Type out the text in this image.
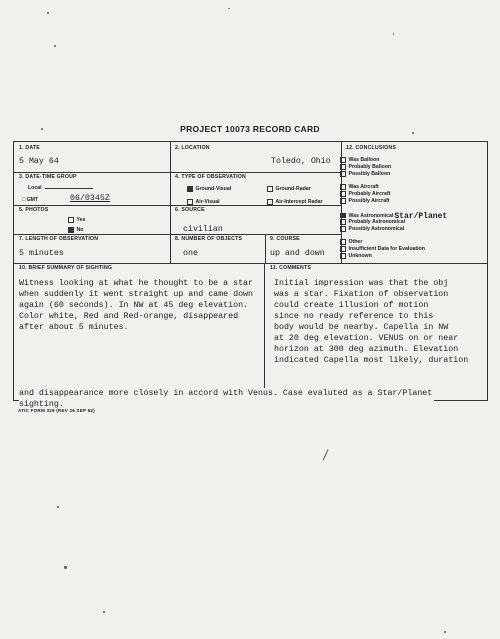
PROJECT 10073 RECORD CARD
1. DATE
5 May 64
2. LOCATION
Toledo, Ohio
3. DATE-TIME GROUP
Local
□ GMT	06/0345Z
4. TYPE OF OBSERVATION
Ground-Visual	Ground-Radar
Air-Visual	Air-Intercept Radar
5. PHOTOS
Yes
No
6. SOURCE
civilian
7. LENGTH OF OBSERVATION
5 minutes
8. NUMBER OF OBJECTS
one
9. COURSE
up and down
12. CONCLUSIONS
10. BRIEF SUMMARY OF SIGHTING
Witness looking at what he thought to be a star
when suddenly it went straight up and came down
again (60 seconds). In NW at 45 deg elevation.
Color white, Red and Red-orange, disappeared
after about 5 minutes.
11. COMMENTS
Initial impression was that the obj
was a star. Fixation of observation
could create illusion of motion
since no ready reference to this
body would be nearby. Capella in NW
at 20 deg elevation. VENUS on or near
horizon at 300 deg azimuth. Elevation
indicated Capella most likely, duration
and disappearance more closely in accord with Venus. Case evaluted as a Star/Planet
sighting.
Was Balloon
Probably Balloon
Possibly Balloon
Was Aircraft
Probably Aircraft
Possibly Aircraft
Was AstronomicalStar/Planet
Probably Astronomical
Possibly Astronomical
Other
Insufficient Data for Evaluation
Unknown
ATIC FORM 329 (REV 26 SEP 52)
